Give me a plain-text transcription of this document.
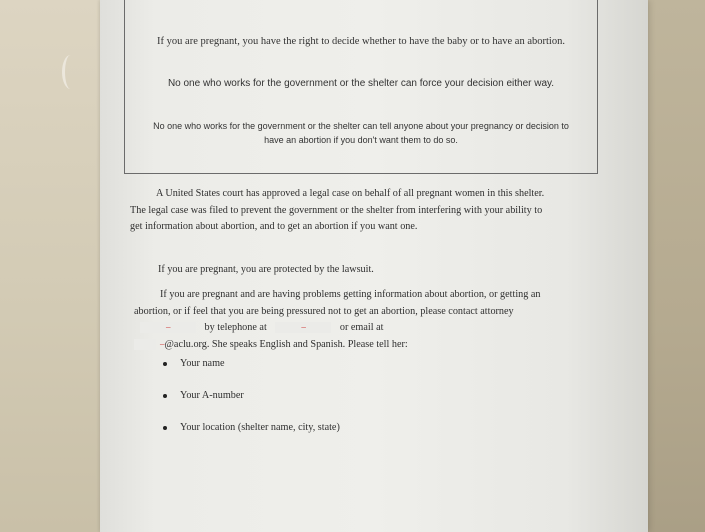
If you are pregnant, you have the right to decide whether to have the baby or to have an abortion.
No one who works for the government or the shelter can force your decision either way.
No one who works for the government or the shelter can tell anyone about your pregnancy or decision to have an abortion if you don't want them to do so.
A United States court has approved a legal case on behalf of all pregnant women in this shelter. The legal case was filed to prevent the government or the shelter from interfering with your ability to get information about abortion, and to get an abortion if you want one.
If you are pregnant, you are protected by the lawsuit.
If you are pregnant and are having problems getting information about abortion, or getting an abortion, or if feel that you are being pressured not to get an abortion, please contact attorney – by telephone at –	or email at
– @aclu.org. She speaks English and Spanish. Please tell her:
Your name
Your A-number
Your location (shelter name, city, state)
